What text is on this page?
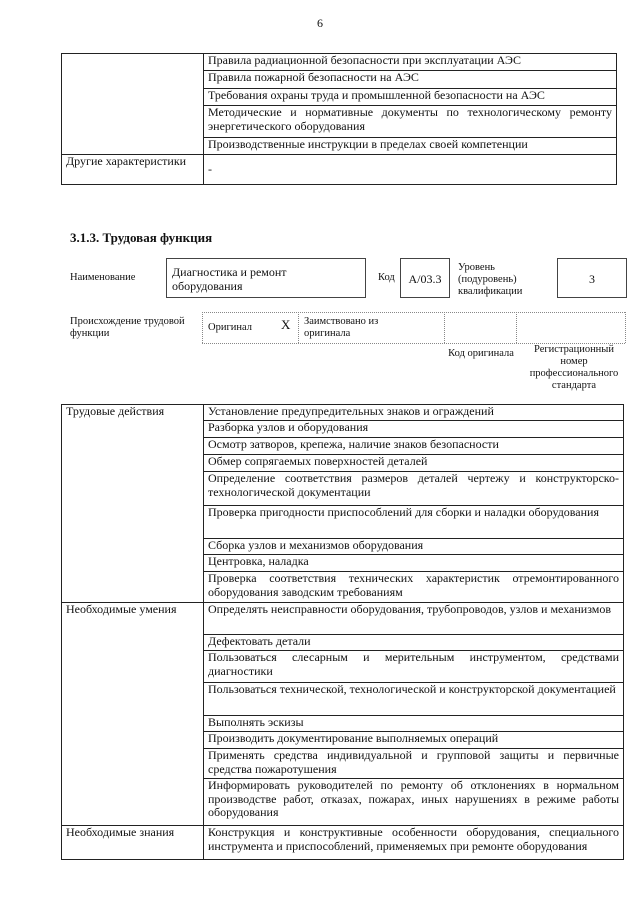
6
	Правила радиационной безопасности при эксплуатации АЭС
	Правила пожарной безопасности на АЭС
	Требования охраны труда и промышленной безопасности на АЭС
	Методические и нормативные документы по технологическому ремонту энергетического оборудования
	Производственные инструкции в пределах своей компетенции
Другие характеристики	-
3.1.3. Трудовая функция
Наименование	Диагностика и ремонт оборудования
Код	A/03.3
Уровень (подуровень) квалификации
3
Происхождение трудовой функции
Оригинал X Заимствовано из оригинала
Код оригинала	Регистрационный номер профессионального стандарта
Трудовые действия	Установление предупредительных знаков и ограждений
	Разборка узлов и оборудования
	Осмотр затворов, крепежа, наличие знаков безопасности
	Обмер сопрягаемых поверхностей деталей
	Определение соответствия размеров деталей чертежу и конструкторско-технологической документации
	Проверка пригодности приспособлений для сборки и наладки оборудования
	Сборка узлов и механизмов оборудования
	Центровка, наладка
	Проверка соответствия технических характеристик отремонтированного оборудования заводским требованиям
Необходимые умения	Определять неисправности оборудования, трубопроводов, узлов и механизмов
	Дефектовать детали
	Пользоваться слесарным и мерительным инструментом, средствами диагностики
	Пользоваться технической, технологической и конструкторской документацией
	Выполнять эскизы
	Производить документирование выполняемых операций
	Применять средства индивидуальной и групповой защиты и первичные средства пожаротушения
	Информировать руководителей по ремонту об отклонениях в нормальном производстве работ, отказах, пожарах, иных нарушениях в режиме работы оборудования
Необходимые знания	Конструкция и конструктивные особенности оборудования, специального инструмента и приспособлений, применяемых при ремонте оборудования
